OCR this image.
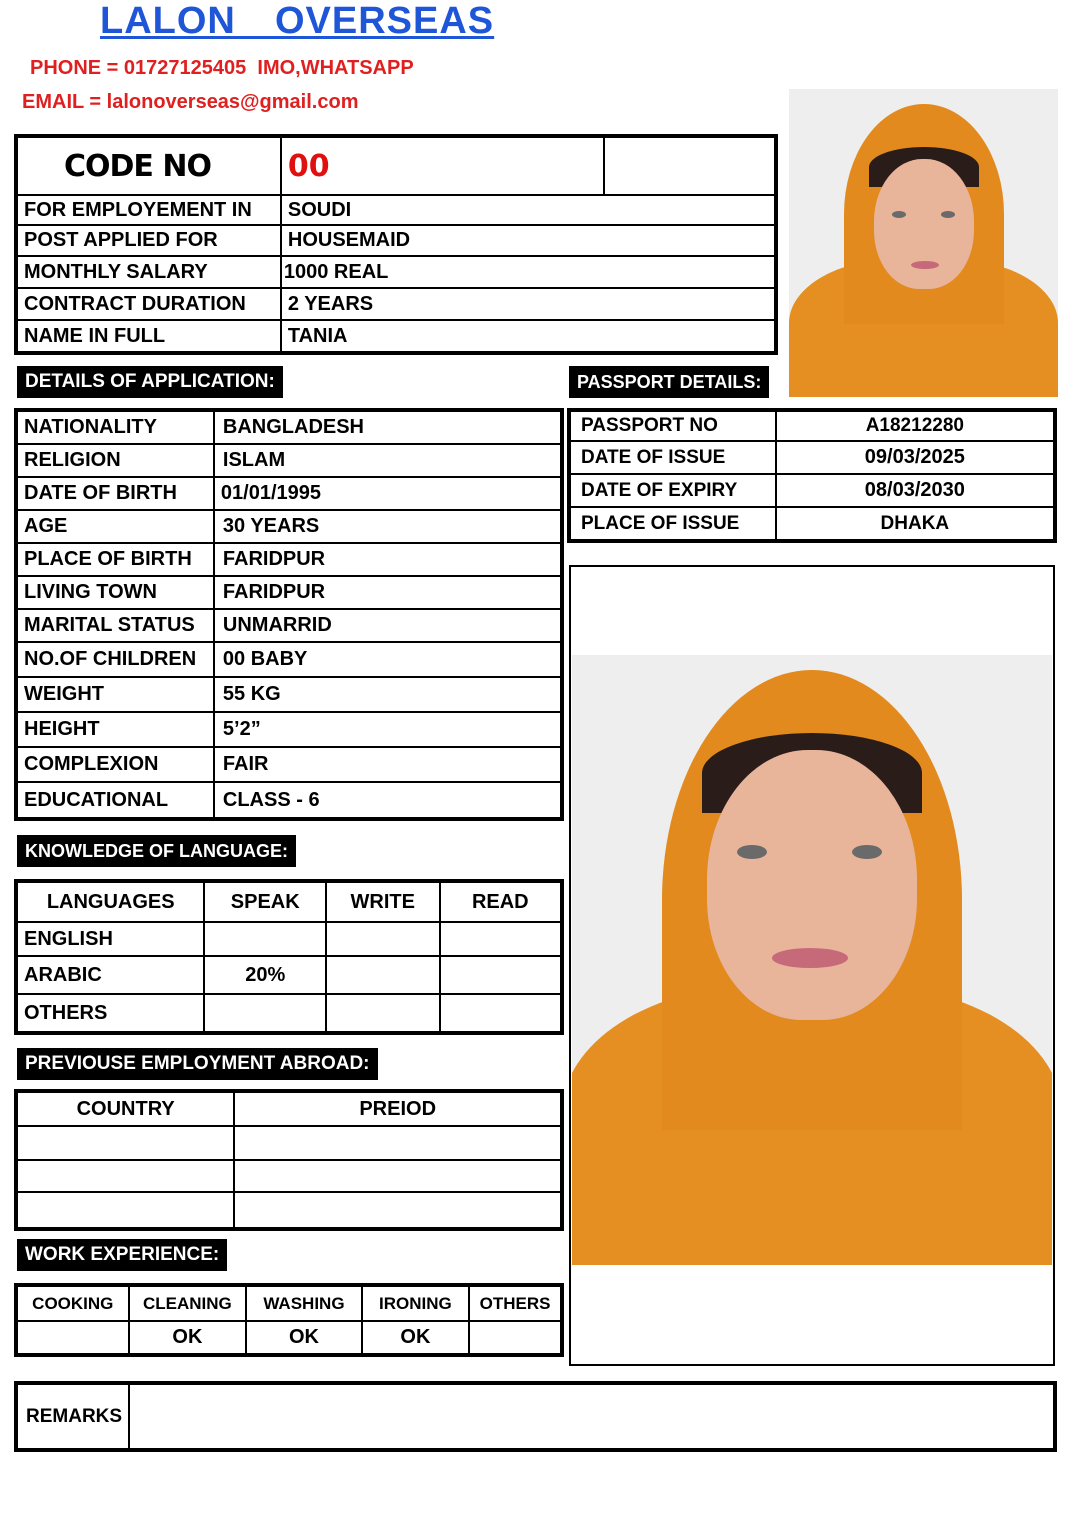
LALON  OVERSEAS
PHONE = 01727125405  IMO,WHATSAPP
EMAIL = lalonoverseas@gmail.com
CODE NO	00	
FOR EMPLOYEMENT IN	SOUDI	
POST APPLIED FOR	HOUSEMAID	
MONTHLY SALARY	1000 REAL	
CONTRACT DURATION	2 YEARS	
NAME IN FULL	TANIA	
DETAILS OF APPLICATION:	PASSPORT DETAILS:
NATIONALITY	BANGLADESH
RELIGION	ISLAM
DATE OF BIRTH	01/01/1995
AGE	30 YEARS
PLACE OF BIRTH	FARIDPUR
LIVING TOWN	FARIDPUR
MARITAL STATUS	UNMARRID
NO.OF CHILDREN	00 BABY
WEIGHT	55 KG
HEIGHT	5’2”
COMPLEXION	FAIR
EDUCATIONAL	CLASS - 6
PASSPORT NO	A18212280
DATE OF ISSUE	09/03/2025
DATE OF EXPIRY	08/03/2030
PLACE OF ISSUE	DHAKA
KNOWLEDGE OF LANGUAGE:
LANGUAGES	SPEAK	WRITE	READ
ENGLISH			
ARABIC	20%		
OTHERS			
PREVIOUSE EMPLOYMENT ABROAD:
COUNTRY	PREIOD

WORK EXPERIENCE:
COOKING	CLEANING	WASHING	IRONING	OTHERS
	OK	OK	OK	
REMARKS	
